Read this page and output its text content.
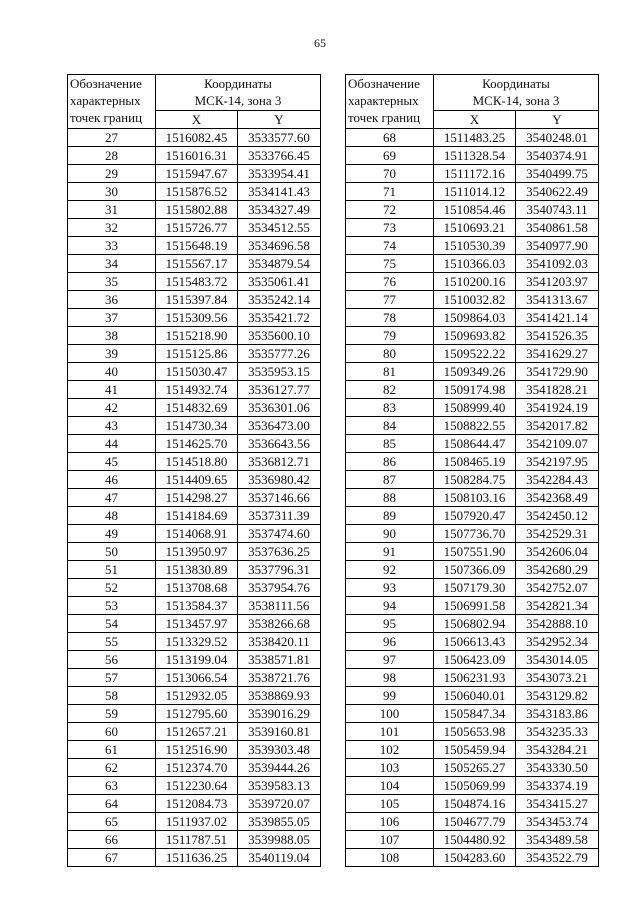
65
Обозначение
характерных
точек границ	Координаты
МСК-14, зона 3	

	X	Y
27	1516082.45	3533577.60
28	1516016.31	3533766.45
29	1515947.67	3533954.41
30	1515876.52	3534141.43
31	1515802.88	3534327.49
32	1515726.77	3534512.55
33	1515648.19	3534696.58
34	1515567.17	3534879.54
35	1515483.72	3535061.41
36	1515397.84	3535242.14
37	1515309.56	3535421.72
38	1515218.90	3535600.10
39	1515125.86	3535777.26
40	1515030.47	3535953.15
41	1514932.74	3536127.77
42	1514832.69	3536301.06
43	1514730.34	3536473.00
44	1514625.70	3536643.56
45	1514518.80	3536812.71
46	1514409.65	3536980.42
47	1514298.27	3537146.66
48	1514184.69	3537311.39
49	1514068.91	3537474.60
50	1513950.97	3537636.25
51	1513830.89	3537796.31
52	1513708.68	3537954.76
53	1513584.37	3538111.56
54	1513457.97	3538266.68
55	1513329.52	3538420.11
56	1513199.04	3538571.81
57	1513066.54	3538721.76
58	1512932.05	3538869.93
59	1512795.60	3539016.29
60	1512657.21	3539160.81
61	1512516.90	3539303.48
62	1512374.70	3539444.26
63	1512230.64	3539583.13
64	1512084.73	3539720.07
65	1511937.02	3539855.05
66	1511787.51	3539988.05
67	1511636.25	3540119.04
Обозначение
характерных
точек границ	Координаты
МСК-14, зона 3	

	X	Y
68	1511483.25	3540248.01
69	1511328.54	3540374.91
70	1511172.16	3540499.75
71	1511014.12	3540622.49
72	1510854.46	3540743.11
73	1510693.21	3540861.58
74	1510530.39	3540977.90
75	1510366.03	3541092.03
76	1510200.16	3541203.97
77	1510032.82	3541313.67
78	1509864.03	3541421.14
79	1509693.82	3541526.35
80	1509522.22	3541629.27
81	1509349.26	3541729.90
82	1509174.98	3541828.21
83	1508999.40	3541924.19
84	1508822.55	3542017.82
85	1508644.47	3542109.07
86	1508465.19	3542197.95
87	1508284.75	3542284.43
88	1508103.16	3542368.49
89	1507920.47	3542450.12
90	1507736.70	3542529.31
91	1507551.90	3542606.04
92	1507366.09	3542680.29
93	1507179.30	3542752.07
94	1506991.58	3542821.34
95	1506802.94	3542888.10
96	1506613.43	3542952.34
97	1506423.09	3543014.05
98	1506231.93	3543073.21
99	1506040.01	3543129.82
100	1505847.34	3543183.86
101	1505653.98	3543235.33
102	1505459.94	3543284.21
103	1505265.27	3543330.50
104	1505069.99	3543374.19
105	1504874.16	3543415.27
106	1504677.79	3543453.74
107	1504480.92	3543489.58
108	1504283.60	3543522.79
